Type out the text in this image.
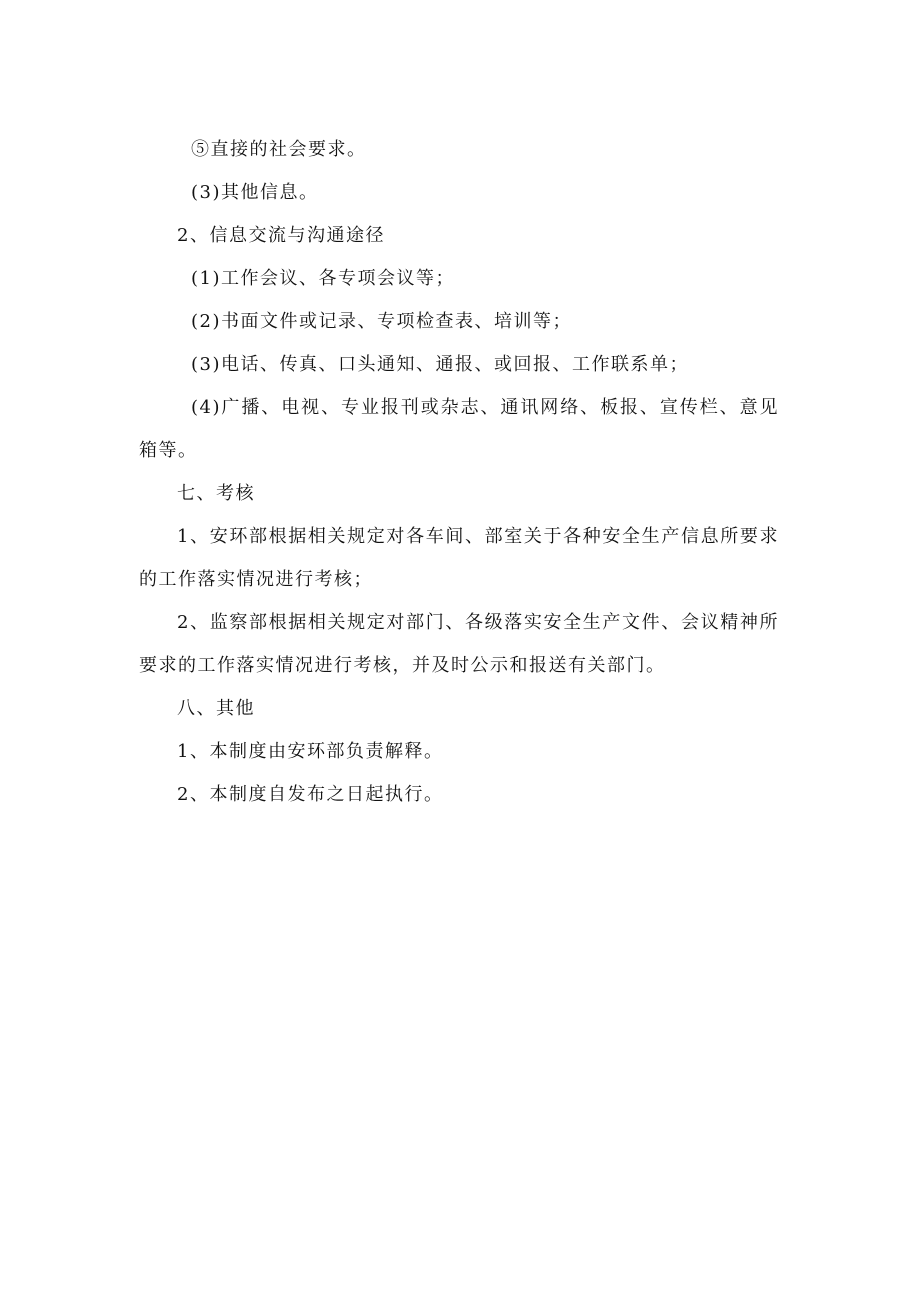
⑤直接的社会要求。

(3)其他信息。

2、信息交流与沟通途径

(1)工作会议、各专项会议等；

(2)书面文件或记录、专项检查表、培训等；

(3)电话、传真、口头通知、通报、或回报、工作联系单；

(4)广播、电视、专业报刊或杂志、通讯网络、板报、宣传栏、意见箱等。

七、考核

1、安环部根据相关规定对各车间、部室关于各种安全生产信息所要求的工作落实情况进行考核；

2、监察部根据相关规定对部门、各级落实安全生产文件、会议精神所要求的工作落实情况进行考核，并及时公示和报送有关部门。

八、其他

1、本制度由安环部负责解释。

2、本制度自发布之日起执行。
